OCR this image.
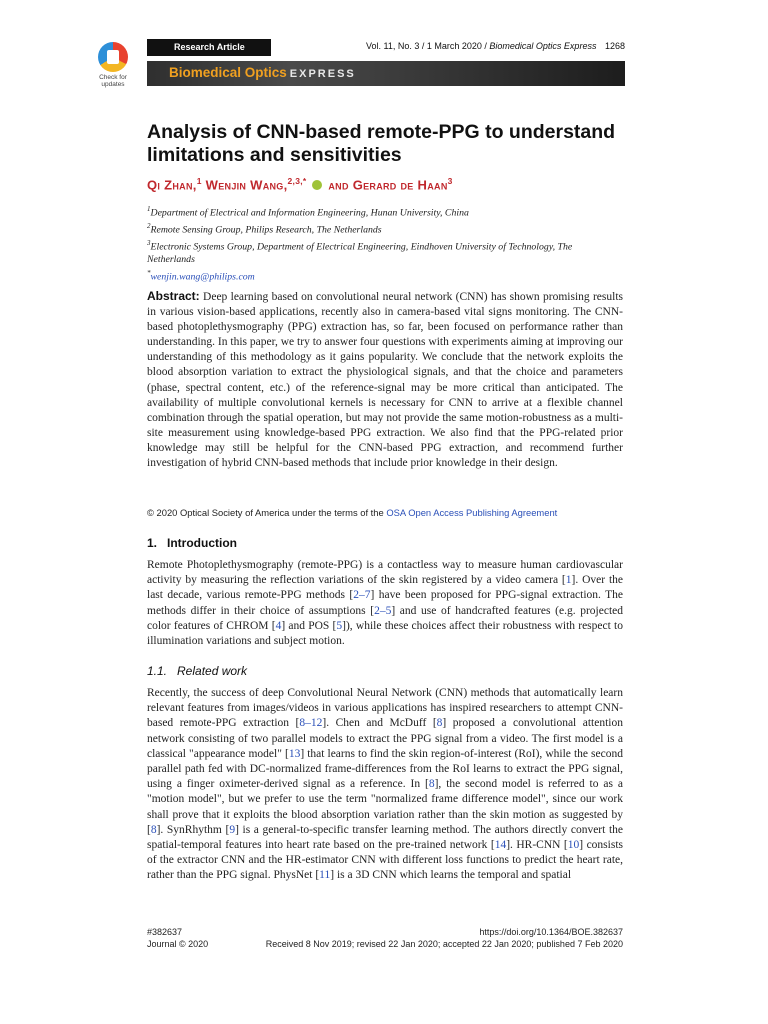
Check for
updates
Research Article	Vol. 11, No. 3 / 1 March 2020 / Biomedical Optics Express 1268
Biomedical Optics EXPRESS
Analysis of CNN-based remote-PPG to understand limitations and sensitivities
Qi Zhan,$^1$ Wenjin Wang,$^{2,3,*}$ and Gerard de Haan$^3$
$^1$Department of Electrical and Information Engineering, Hunan University, China
$^2$Remote Sensing Group, Philips Research, The Netherlands
$^3$Electronic Systems Group, Department of Electrical Engineering, Eindhoven University of Technology, The Netherlands
*wenjin.wang@philips.com
Abstract: Deep learning based on convolutional neural network (CNN) has shown promising results in various vision-based applications, recently also in camera-based vital signs monitoring. The CNN-based photoplethysmography (PPG) extraction has, so far, been focused on performance rather than understanding. In this paper, we try to answer four questions with experiments aiming at improving our understanding of this methodology as it gains popularity. We conclude that the network exploits the blood absorption variation to extract the physiological signals, and that the choice and parameters (phase, spectral content, etc.) of the reference-signal may be more critical than anticipated. The availability of multiple convolutional kernels is necessary for CNN to arrive at a flexible channel combination through the spatial operation, but may not provide the same motion-robustness as a multi-site measurement using knowledge-based PPG extraction. We also find that the PPG-related prior knowledge may still be helpful for the CNN-based PPG extraction, and recommend further investigation of hybrid CNN-based methods that include prior knowledge in their design.
© 2020 Optical Society of America under the terms of the OSA Open Access Publishing Agreement
1.   Introduction
Remote Photoplethysmography (remote-PPG) is a contactless way to measure human cardiovascular activity by measuring the reflection variations of the skin registered by a video camera [1]. Over the last decade, various remote-PPG methods [2–7] have been proposed for PPG-signal extraction. The methods differ in their choice of assumptions [2–5] and use of handcrafted features (e.g. projected color features of CHROM [4] and POS [5]), while these choices affect their robustness with respect to illumination variations and subject motion.
1.1.   Related work
Recently, the success of deep Convolutional Neural Network (CNN) methods that automatically learn relevant features from images/videos in various applications has inspired researchers to attempt CNN-based remote-PPG extraction [8–12]. Chen and McDuff [8] proposed a convolutional attention network consisting of two parallel models to extract the PPG signal from a video. The first model is a classical "appearance model" [13] that learns to find the skin region-of-interest (RoI), while the second parallel path fed with DC-normalized frame-differences from the RoI learns to extract the PPG signal, using a finger oximeter-derived signal as a reference. In [8], the second model is referred to as a "motion model", but we prefer to use the term "normalized frame difference model", since our work shall prove that it exploits the blood absorption variation rather than the skin motion as suggested by [8]. SynRhythm [9] is a general-to-specific transfer learning method. The authors directly convert the spatial-temporal features into heart rate based on the pre-trained network [14]. HR-CNN [10] consists of the extractor CNN and the HR-estimator CNN with different loss functions to predict the heart rate, rather than the PPG signal. PhysNet [11] is a 3D CNN which learns the temporal and spatial
#382637
Journal © 2020
https://doi.org/10.1364/BOE.382637
Received 8 Nov 2019; revised 22 Jan 2020; accepted 22 Jan 2020; published 7 Feb 2020
